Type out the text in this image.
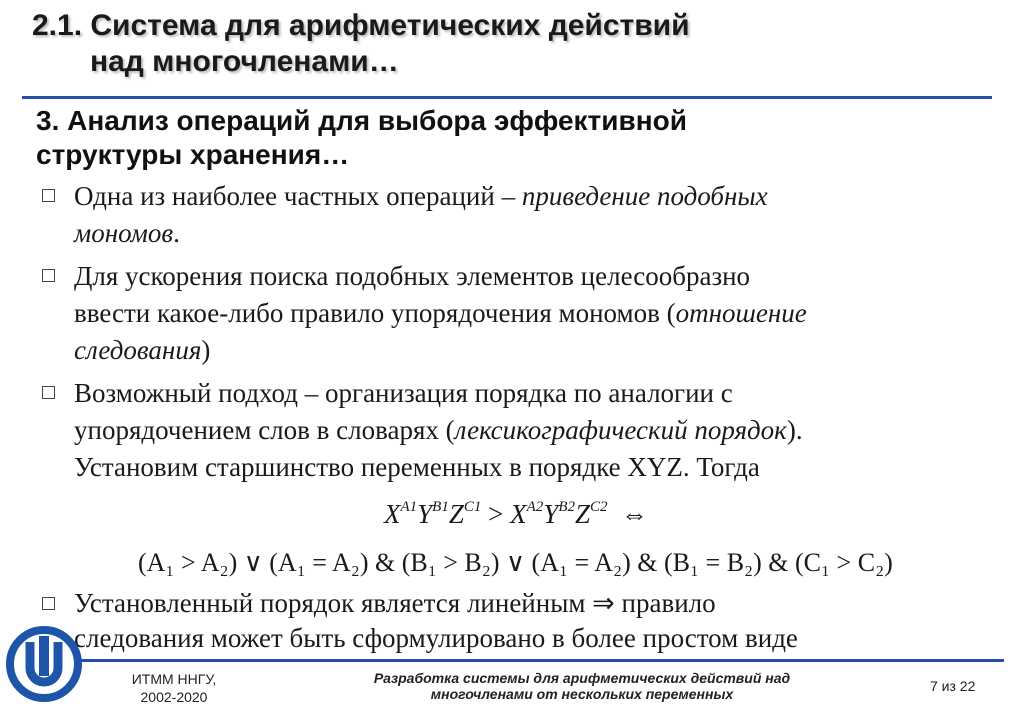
2.1. Система для арифметических действий
над многочленами…
3. Анализ операций для выбора эффективной
структуры хранения…
Одна из наиболее частных операций – приведение подобных
мономов.
Для ускорения поиска подобных элементов целесообразно
ввести какое-либо правило упорядочения мономов (отношение
следования)
Возможный подход – организация порядка по аналогии с
упорядочением слов в словарях (лексикографический порядок).
Установим старшинство переменных в порядке XYZ. Тогда
$X^{A1}Y^{B1}Z^{C1} > X^{A2}Y^{B2}Z^{C2}$ ⇔
(A₁ > A₂) ∨ (A₁ = A₂) & (B₁ > B₂) ∨ (A₁ = A₂) & (B₁ = B₂) & (C₁ > C₂)
Установленный порядок является линейным ⇒ правило
следования может быть сформулировано в более простом виде
ИТММ ННГУ,
2002-2020
Разработка системы для арифметических действий над
многочленами от нескольких переменных	7 из 22
